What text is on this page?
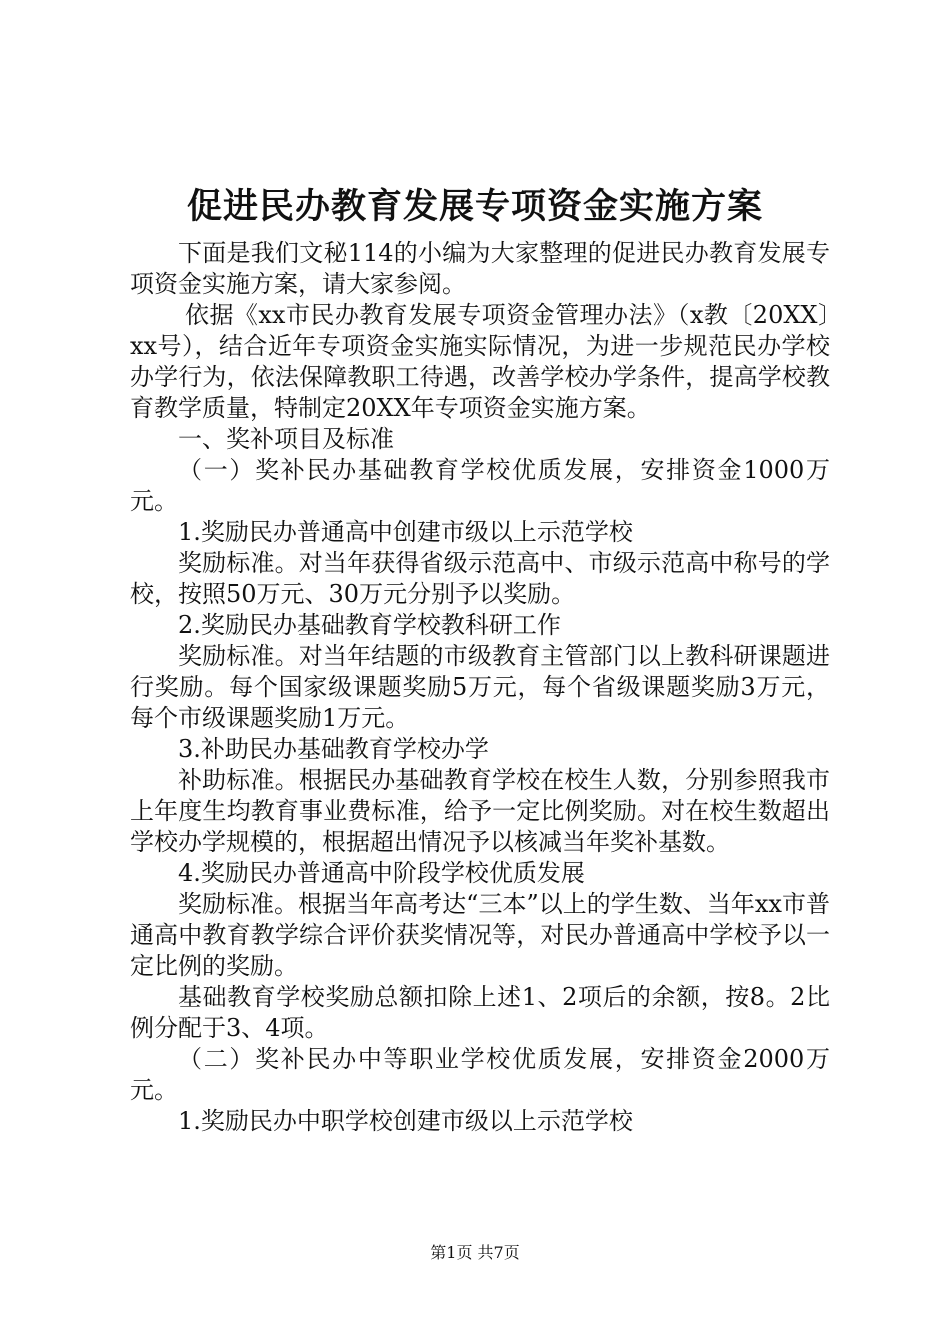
促进民办教育发展专项资金实施方案

下面是我们文秘114的小编为大家整理的促进民办教育发展专项资金实施方案，请大家参阅。

依据《xx市民办教育发展专项资金管理办法》（x教〔20XX〕xx号），结合近年专项资金实施实际情况，为进一步规范民办学校办学行为，依法保障教职工待遇，改善学校办学条件，提高学校教育教学质量，特制定20XX年专项资金实施方案。

一、奖补项目及标准

（一）奖补民办基础教育学校优质发展，安排资金1000万元。

1.奖励民办普通高中创建市级以上示范学校

奖励标准。对当年获得省级示范高中、市级示范高中称号的学校，按照50万元、30万元分别予以奖励。

2.奖励民办基础教育学校教科研工作

奖励标准。对当年结题的市级教育主管部门以上教科研课题进行奖励。每个国家级课题奖励5万元，每个省级课题奖励3万元，每个市级课题奖励1万元。

3.补助民办基础教育学校办学

补助标准。根据民办基础教育学校在校生人数，分别参照我市上年度生均教育事业费标准，给予一定比例奖励。对在校生数超出学校办学规模的，根据超出情况予以核减当年奖补基数。

4.奖励民办普通高中阶段学校优质发展

奖励标准。根据当年高考达“三本”以上的学生数、当年xx市普通高中教育教学综合评价获奖情况等，对民办普通高中学校予以一定比例的奖励。

基础教育学校奖励总额扣除上述1、2项后的余额，按8。2比例分配于3、4项。

（二）奖补民办中等职业学校优质发展，安排资金2000万元。

1.奖励民办中职学校创建市级以上示范学校

第1页 共7页
